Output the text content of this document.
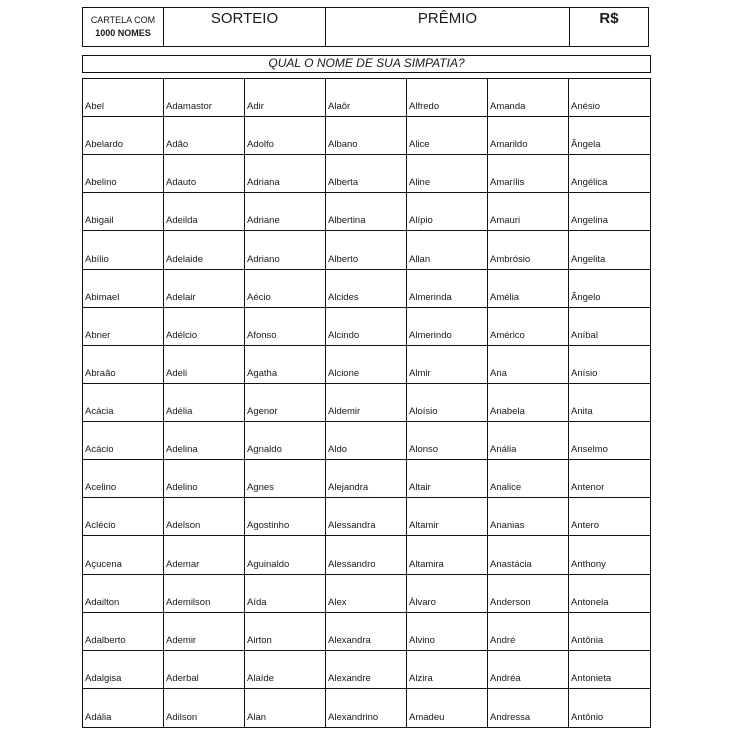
CARTELA COM
1000 NOMES
SORTEIO	PRÊMIO	R$
QUAL O NOME DE SUA SIMPATIA?
Abel	Adamastor	Adir	Alaôr	Alfredo	Amanda	Anésio
Abelardo	Adão	Adolfo	Albano	Alice	Amarildo	Ângela
Abelino	Adauto	Adriana	Alberta	Aline	Amarílis	Angélica
Abigail	Adeilda	Adriane	Albertina	Alípio	Amauri	Angelina
Abílio	Adelaide	Adriano	Alberto	Allan	Ambrósio	Angelita
Abimael	Adelair	Aécio	Alcides	Almerinda	Amélia	Ângelo
Abner	Adélcio	Afonso	Alcindo	Almerindo	Américo	Aníbal
Abraão	Adeli	Agatha	Alcione	Almir	Ana	Anísio
Acácia	Adélia	Agenor	Aldemir	Aloísio	Anabela	Anita
Acácio	Adelina	Agnaldo	Aldo	Alonso	Anália	Anselmo
Acelino	Adelino	Agnes	Alejandra	Altair	Analice	Antenor
Aclécio	Adelson	Agostinho	Alessandra	Altamir	Ananias	Antero
Açucena	Ademar	Aguinaldo	Alessandro	Altamira	Anastácia	Anthony
Adailton	Ademilson	Aída	Alex	Álvaro	Anderson	Antonela
Adalberto	Ademir	Airton	Alexandra	Alvino	André	Antônia
Adalgisa	Aderbal	Alaíde	Alexandre	Alzira	Andréa	Antonieta
Adália	Adilson	Alan	Alexandrino	Amadeu	Andressa	Antônio
